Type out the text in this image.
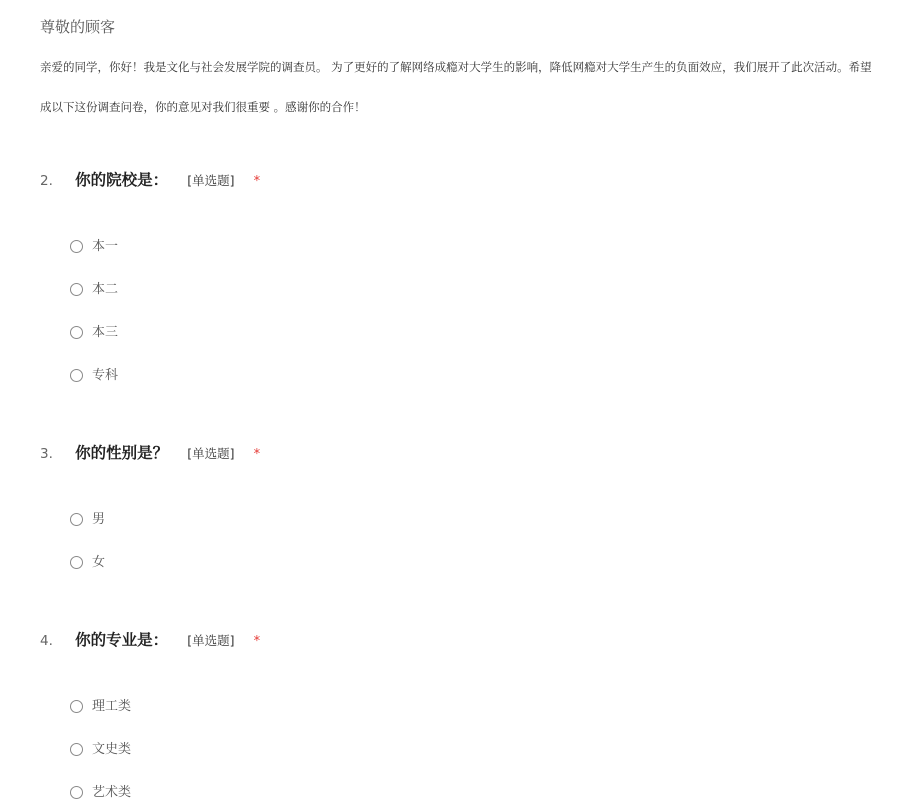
尊敬的顾客
亲爱的同学，你好！我是文化与社会发展学院的调查员。 为了更好的了解网络成瘾对大学生的影响，降低网瘾对大学生产生的负面效应，我们展开了此次活动。希望
成以下这份调查问卷，你的意见对我们很重要 。感谢你的合作！
2. 你的院校是： [单选题] *
本一
本二
本三
专科
3. 你的性别是？ [单选题] *
男
女
4. 你的专业是： [单选题] *
理工类
文史类
艺术类
